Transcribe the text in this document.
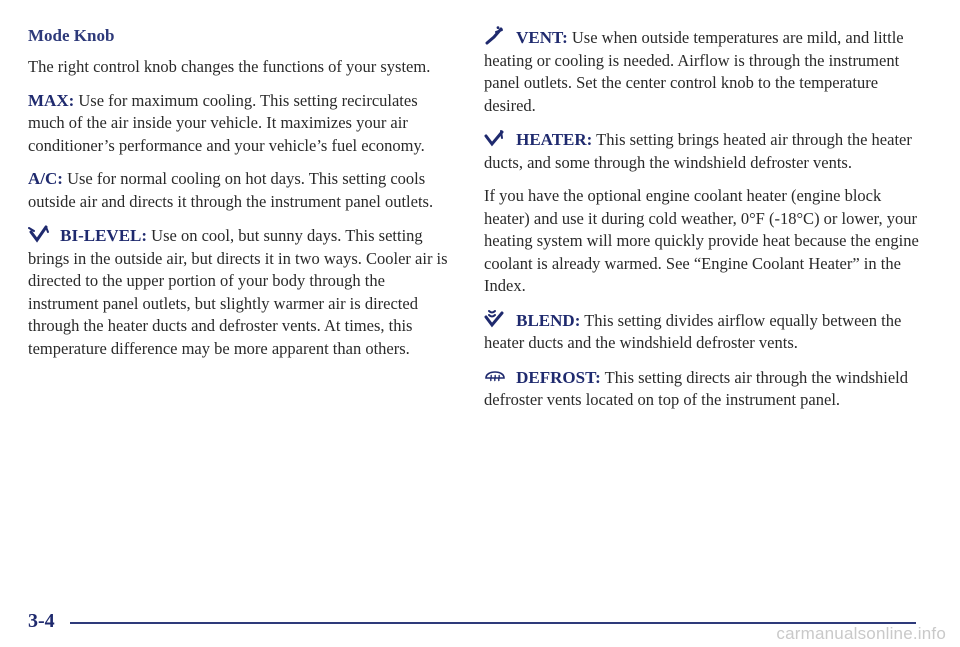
Mode Knob

The right control knob changes the functions of your system.

MAX: Use for maximum cooling. This setting recirculates much of the air inside your vehicle. It maximizes your air conditioner’s performance and your vehicle’s fuel economy.

A/C: Use for normal cooling on hot days. This setting cools outside air and directs it through the instrument panel outlets.

BI-LEVEL: Use on cool, but sunny days. This setting brings in the outside air, but directs it in two ways. Cooler air is directed to the upper portion of your body through the instrument panel outlets, but slightly warmer air is directed through the heater ducts and defroster vents. At times, this temperature difference may be more apparent than others.

VENT: Use when outside temperatures are mild, and little heating or cooling is needed. Airflow is through the instrument panel outlets. Set the center control knob to the temperature desired.

HEATER: This setting brings heated air through the heater ducts, and some through the windshield defroster vents.

If you have the optional engine coolant heater (engine block heater) and use it during cold weather, 0°F (-18°C) or lower, your heating system will more quickly provide heat because the engine coolant is already warmed. See “Engine Coolant Heater” in the Index.

BLEND: This setting divides airflow equally between the heater ducts and the windshield defroster vents.

DEFROST: This setting directs air through the windshield defroster vents located on top of the instrument panel.

3-4
carmanualsonline.info
